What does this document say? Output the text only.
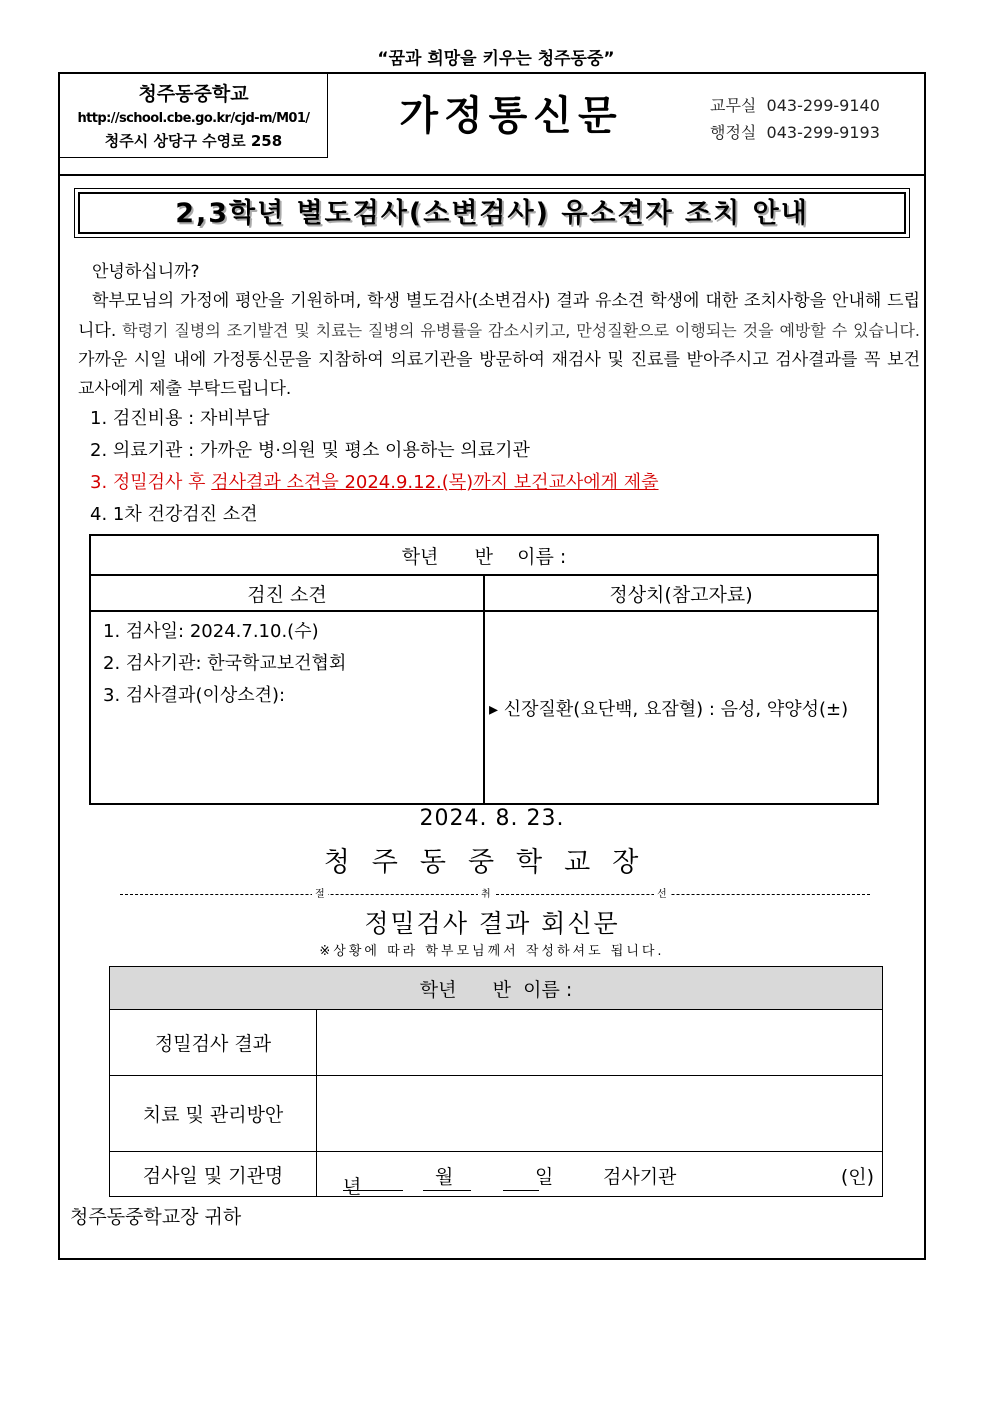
“꿈과 희망을 키우는 청주동중”
청주동중학교
http://school.cbe.go.kr/cjd-m/M01/
청주시 상당구 수영로 258
가정통신문	교무실 043-299-9140
행정실 043-299-9193
2,3학년 별도검사(소변검사) 유소견자 조치 안내

안녕하십니까?

학부모님의 가정에 평안을 기원하며, 학생 별도검사(소변검사) 결과 유소견 학생에 대한 조치사항을 안내해 드립니다. 학령기 질병의 조기발견 및 치료는 질병의 유병률을 감소시키고, 만성질환으로 이행되는 것을 예방할 수 있습니다. 가까운 시일 내에 가정통신문을 지참하여 의료기관을 방문하여 재검사 및 진료를 받아주시고 검사결과를 꼭 보건교사에게 제출 부탁드립니다.

1. 검진비용 : 자비부담
2. 의료기관 : 가까운 병·의원 및 평소 이용하는 의료기관
3. 정밀검사 후 검사결과 소견을 2024.9.12.(목)까지 보건교사에게 제출
4. 1차 건강검진 소견
학년      반    이름 :	
검진 소견	정상치(참고자료)

1. 검사일: 2024.7.10.(수)
2. 검사기관: 한국학교보건협회
3. 검사결과(이상소견):	▸ 신장질환(요단백, 요잠혈) : 음성, 약양성(±)
2024. 8. 23.
청주동중학교장
절	취	선
정밀검사 결과 회신문
※상황에 따라 학부모님께서 작성하셔도 됩니다.
학년      반  이름 :	
정밀검사 결과	
치료 및 관리방안	
검사일 및 기관명	년 월 일 검사기관 (인)
청주동중학교장 귀하
